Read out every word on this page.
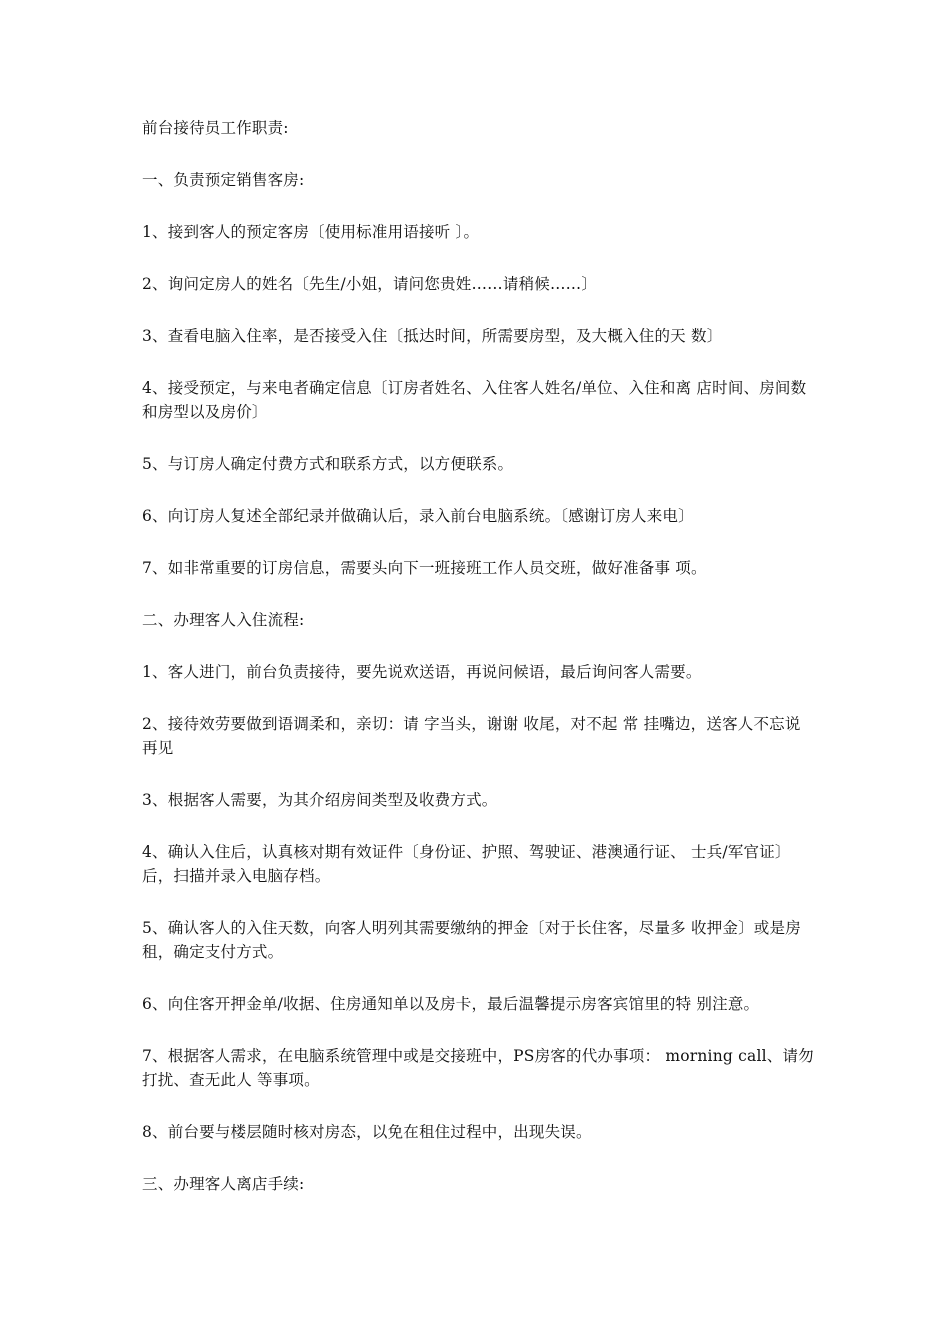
前台接待员工作职责:

一、负责预定销售客房:

1、接到客人的预定客房〔使用标准用语接听 〕。

2、询问定房人的姓名〔先生/小姐，请问您贵姓……请稍候……〕

3、查看电脑入住率，是否接受入住〔抵达时间，所需要房型，及大概入住的天 数〕

4、接受预定，与来电者确定信息〔订房者姓名、入住客人姓名/单位、入住和离 店时间、房间数和房型以及房价〕

5、与订房人确定付费方式和联系方式，以方便联系。

6、向订房人复述全部纪录并做确认后，录入前台电脑系统。〔感谢订房人来电〕

7、如非常重要的订房信息，需要头向下一班接班工作人员交班，做好准备事 项。

二、办理客人入住流程:

1、客人进门，前台负责接待，要先说欢送语，再说问候语，最后询问客人需要。

2、接待效劳要做到语调柔和，亲切：请 字当头，谢谢 收尾，对不起 常 挂嘴边，送客人不忘说再见

3、根据客人需要，为其介绍房间类型及收费方式。

4、确认入住后，认真核对期有效证件〔身份证、护照、驾驶证、港澳通行证、 士兵/军官证〕后，扫描并录入电脑存档。

5、确认客人的入住天数，向客人明列其需要缴纳的押金〔对于长住客，尽量多 收押金〕或是房租，确定支付方式。

6、向住客开押金单/收据、住房通知单以及房卡，最后温馨提示房客宾馆里的特 别注意。

7、根据客人需求，在电脑系统管理中或是交接班中，PS房客的代办事项： morning call、请勿打扰、查无此人 等事项。

8、前台要与楼层随时核对房态，以免在租住过程中，出现失误。

三、办理客人离店手续:
